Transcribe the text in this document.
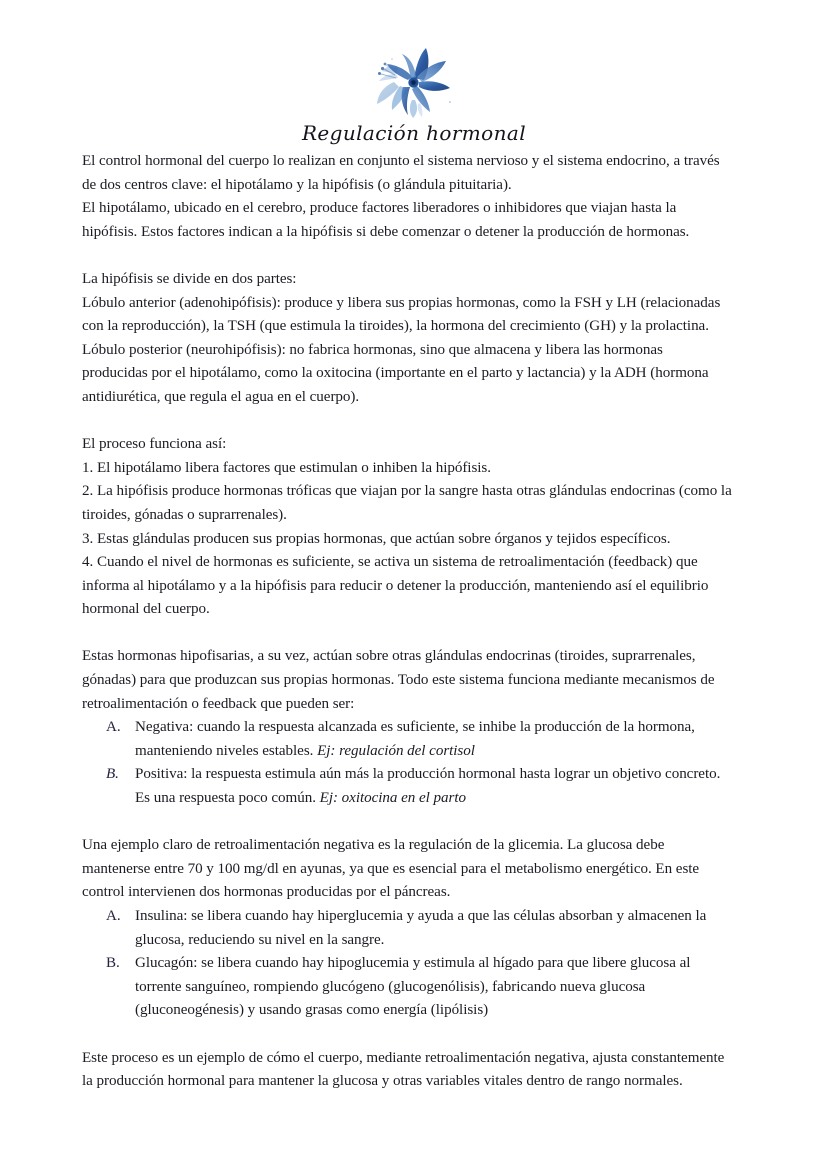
Regulación hormonal
El control hormonal del cuerpo lo realizan en conjunto el sistema nervioso y el sistema endocrino, a través
de dos centros clave: el hipotálamo y la hipófisis (o glándula pituitaria).
El hipotálamo, ubicado en el cerebro, produce factores liberadores o inhibidores que viajan hasta la
hipófisis. Estos factores indican a la hipófisis si debe comenzar o detener la producción de hormonas.
La hipófisis se divide en dos partes:
Lóbulo anterior (adenohipófisis): produce y libera sus propias hormonas, como la FSH y LH (relacionadas
con la reproducción), la TSH (que estimula la tiroides), la hormona del crecimiento (GH) y la prolactina.
Lóbulo posterior (neurohipófisis): no fabrica hormonas, sino que almacena y libera las hormonas
producidas por el hipotálamo, como la oxitocina (importante en el parto y lactancia) y la ADH (hormona
antidiurética, que regula el agua en el cuerpo).
El proceso funciona así:
1. El hipotálamo libera factores que estimulan o inhiben la hipófisis.
2. La hipófisis produce hormonas tróficas que viajan por la sangre hasta otras glándulas endocrinas (como la
tiroides, gónadas o suprarrenales).
3. Estas glándulas producen sus propias hormonas, que actúan sobre órganos y tejidos específicos.
4. Cuando el nivel de hormonas es suficiente, se activa un sistema de retroalimentación (feedback) que
informa al hipotálamo y a la hipófisis para reducir o detener la producción, manteniendo así el equilibrio
hormonal del cuerpo.
Estas hormonas hipofisarias, a su vez, actúan sobre otras glándulas endocrinas (tiroides, suprarrenales,
gónadas) para que produzcan sus propias hormonas. Todo este sistema funciona mediante mecanismos de
retroalimentación o feedback que pueden ser:
A. Negativa: cuando la respuesta alcanzada es suficiente, se inhibe la producción de la hormona,
manteniendo niveles estables. Ej: regulación del cortisol
B.	Positiva: la respuesta estimula aún más la producción hormonal hasta lograr un objetivo concreto.
Es una respuesta poco común. Ej: oxitocina en el parto
Una ejemplo claro de retroalimentación negativa es la regulación de la glicemia. La glucosa debe
mantenerse entre 70 y 100 mg/dl en ayunas, ya que es esencial para el metabolismo energético. En este
control intervienen dos hormonas producidas por el páncreas.
A. Insulina: se libera cuando hay hiperglucemia y ayuda a que las células absorban y almacenen la
glucosa, reduciendo su nivel en la sangre.
B.	Glucagón: se libera cuando hay hipoglucemia y estimula al hígado para que libere glucosa al
torrente sanguíneo, rompiendo glucógeno (glucogenólisis), fabricando nueva glucosa
(gluconeogénesis) y usando grasas como energía (lipólisis)
Este proceso es un ejemplo de cómo el cuerpo, mediante retroalimentación negativa, ajusta constantemente
la producción hormonal para mantener la glucosa y otras variables vitales dentro de rango normales.
